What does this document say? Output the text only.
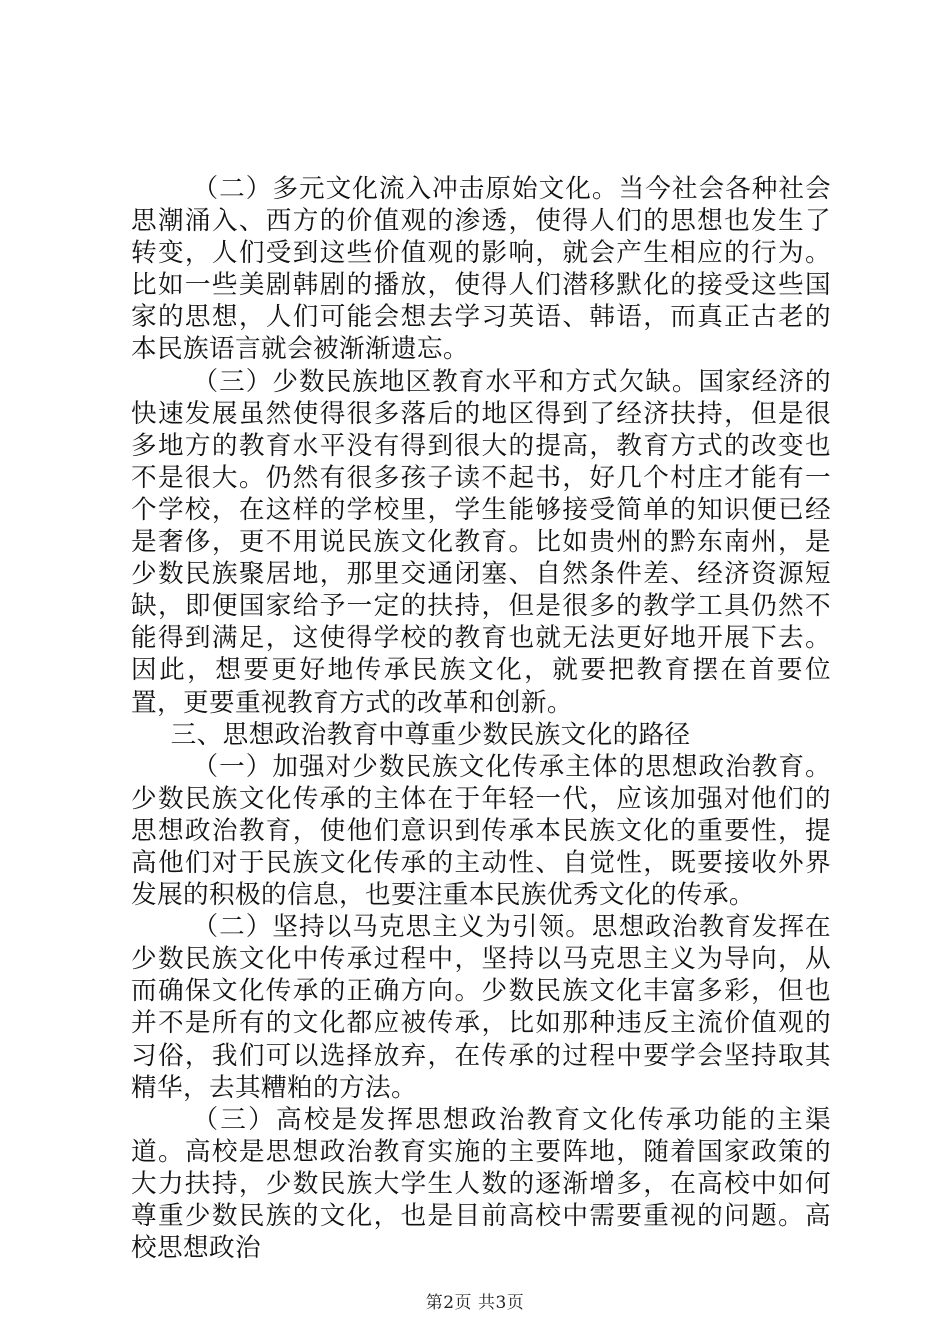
（二）多元文化流入冲击原始文化。当今社会各种社会思潮涌入、西方的价值观的渗透，使得人们的思想也发生了转变，人们受到这些价值观的影响，就会产生相应的行为。比如一些美剧韩剧的播放，使得人们潜移默化的接受这些国家的思想，人们可能会想去学习英语、韩语，而真正古老的本民族语言就会被渐渐遗忘。

（三）少数民族地区教育水平和方式欠缺。国家经济的快速发展虽然使得很多落后的地区得到了经济扶持，但是很多地方的教育水平没有得到很大的提高，教育方式的改变也不是很大。仍然有很多孩子读不起书，好几个村庄才能有一个学校，在这样的学校里，学生能够接受简单的知识便已经是奢侈，更不用说民族文化教育。比如贵州的黔东南州，是少数民族聚居地，那里交通闭塞、自然条件差、经济资源短缺，即便国家给予一定的扶持，但是很多的教学工具仍然不能得到满足，这使得学校的教育也就无法更好地开展下去。因此，想要更好地传承民族文化，就要把教育摆在首要位置，更要重视教育方式的改革和创新。

三、思想政治教育中尊重少数民族文化的路径

（一）加强对少数民族文化传承主体的思想政治教育。少数民族文化传承的主体在于年轻一代，应该加强对他们的思想政治教育，使他们意识到传承本民族文化的重要性，提高他们对于民族文化传承的主动性、自觉性，既要接收外界发展的积极的信息，也要注重本民族优秀文化的传承。

（二）坚持以马克思主义为引领。思想政治教育发挥在少数民族文化中传承过程中，坚持以马克思主义为导向，从而确保文化传承的正确方向。少数民族文化丰富多彩，但也并不是所有的文化都应被传承，比如那种违反主流价值观的习俗，我们可以选择放弃，在传承的过程中要学会坚持取其精华，去其糟粕的方法。

（三）高校是发挥思想政治教育文化传承功能的主渠道。高校是思想政治教育实施的主要阵地，随着国家政策的大力扶持，少数民族大学生人数的逐渐增多，在高校中如何尊重少数民族的文化，也是目前高校中需要重视的问题。高校思想政治

第2页 共3页
